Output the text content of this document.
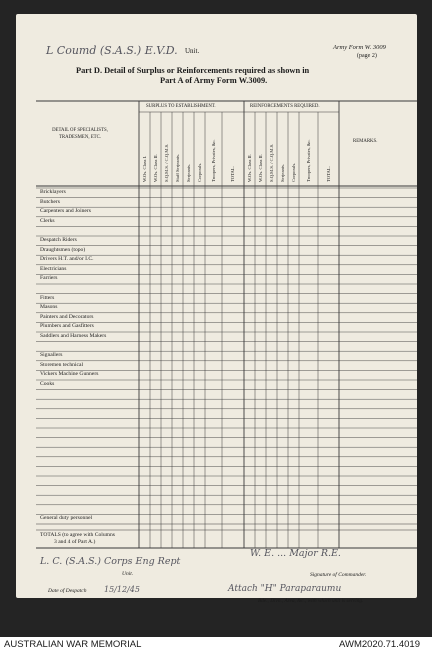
L Coumd (S.A.S.) E.V.D. Unit.	Army Form W. 3009
(page 2)
Part D. Detail of Surplus or Reinforcements required as shown in
Part A of Army Form W.3009.
DETAIL OF SPECIALISTS, TRADESMEN, ETC.
SURPLUS TO ESTABLISHMENT.	REINFORCEMENTS REQUIRED.
REMARKS.
W.Os. Class I. W.Os. Class II. S.Q.M.S. / C.Q.M.S. Staff Serjeants. Serjeants. Corporals. Troopers, Privates, &c.	TOTAL.	W.Os. Class II. W.Os. Class II. S.Q.M.S. / C.Q.M.S. Serjeants. Corporals. Troopers, Privates, &c.	TOTAL.
Bricklayers
Butchers
Carpenters and Joiners
Clerks
Despatch Riders
Draughtsmen (topo)
Drivers H.T. and/or I.C.
Electricians
Farriers
Fitters
Masons
Painters and Decorators
Plumbers and Gasfitters
Saddlers and Harness Makers
Signallers
Storemen technical
Vickers Machine Gunners
Cooks
General duty personnel
TOTALS (to agree with Columns
3 and 4 of Part A.)
L. C. (S.A.S.) Corps Eng Rept
Unit.
W. E. ... Major R.E.
Signature of Commander.
Date of Despatch 15/12/45	Attach "H" Paraparaumu
Bde., Divn., Area, &c., with which unit is serving.
AUSTRALIAN WAR MEMORIAL	AWM2020.71.4019
